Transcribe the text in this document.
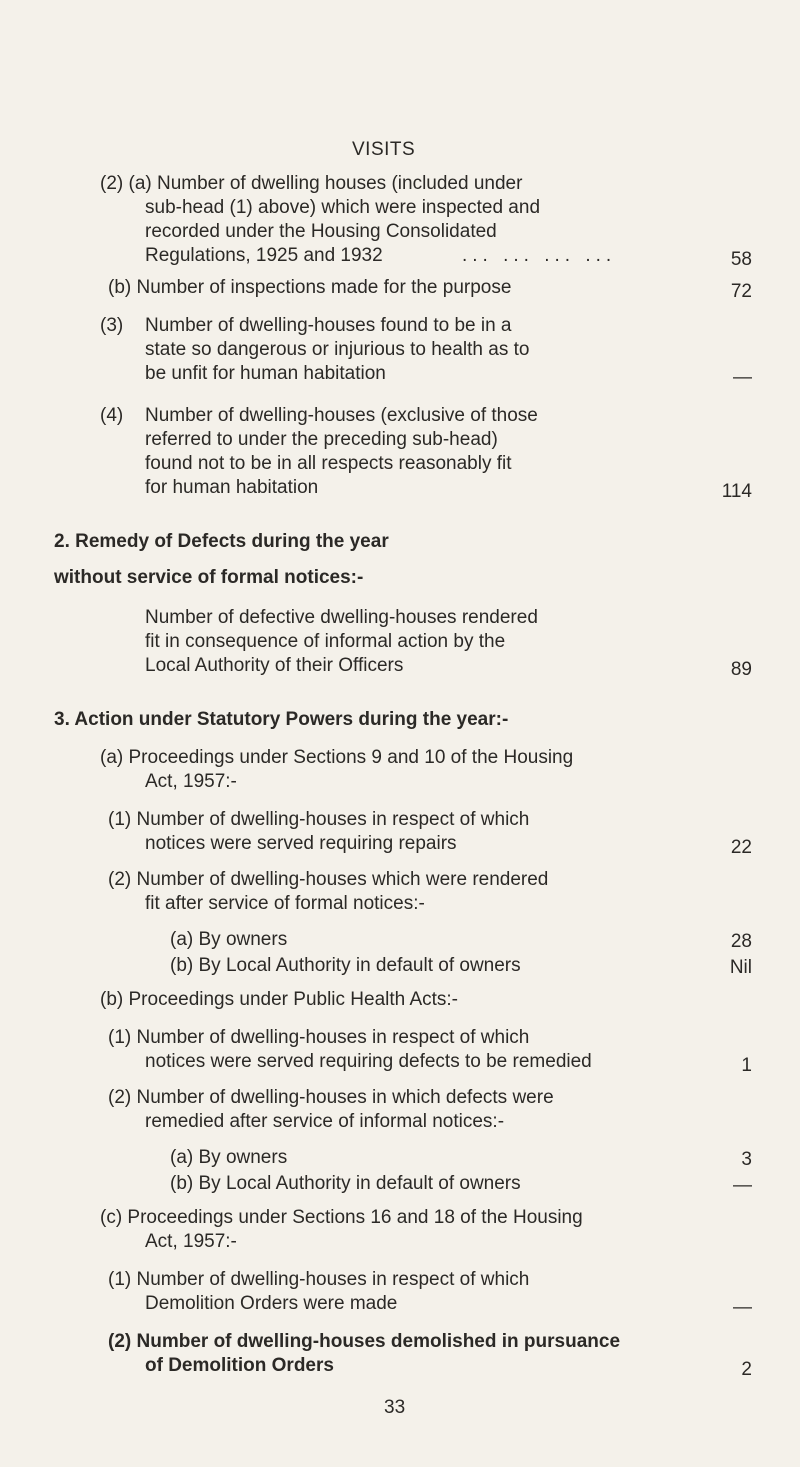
VISITS
(2) (a) Number of dwelling houses (included under
sub-head (1) above) which were inspected and
recorded under the Housing Consolidated
Regulations, 1925 and 1932	... ... ... ...	58
(b) Number of inspections made for the purpose	72
(3) Number of dwelling-houses found to be in a
state so dangerous or injurious to health as to
be unfit for human habitation	—
(4) Number of dwelling-houses (exclusive of those
referred to under the preceding sub-head)
found not to be in all respects reasonably fit
for human habitation	114
2. Remedy of Defects during the year
without service of formal notices:-
Number of defective dwelling-houses rendered
fit in consequence of informal action by the
Local Authority of their Officers	89
3. Action under Statutory Powers during the year:-
(a) Proceedings under Sections 9 and 10 of the Housing
Act, 1957:-
(1) Number of dwelling-houses in respect of which
notices were served requiring repairs	22
(2) Number of dwelling-houses which were rendered
fit after service of formal notices:-
(a) By owners	28
(b) By Local Authority in default of owners	Nil
(b) Proceedings under Public Health Acts:-
(1) Number of dwelling-houses in respect of which
notices were served requiring defects to be remedied	1
(2) Number of dwelling-houses in which defects were
remedied after service of informal notices:-
(a) By owners	3
(b) By Local Authority in default of owners	—
(c) Proceedings under Sections 16 and 18 of the Housing
Act, 1957:-
(1) Number of dwelling-houses in respect of which
Demolition Orders were made	—
(2) Number of dwelling-houses demolished in pursuance
of Demolition Orders	2
33
